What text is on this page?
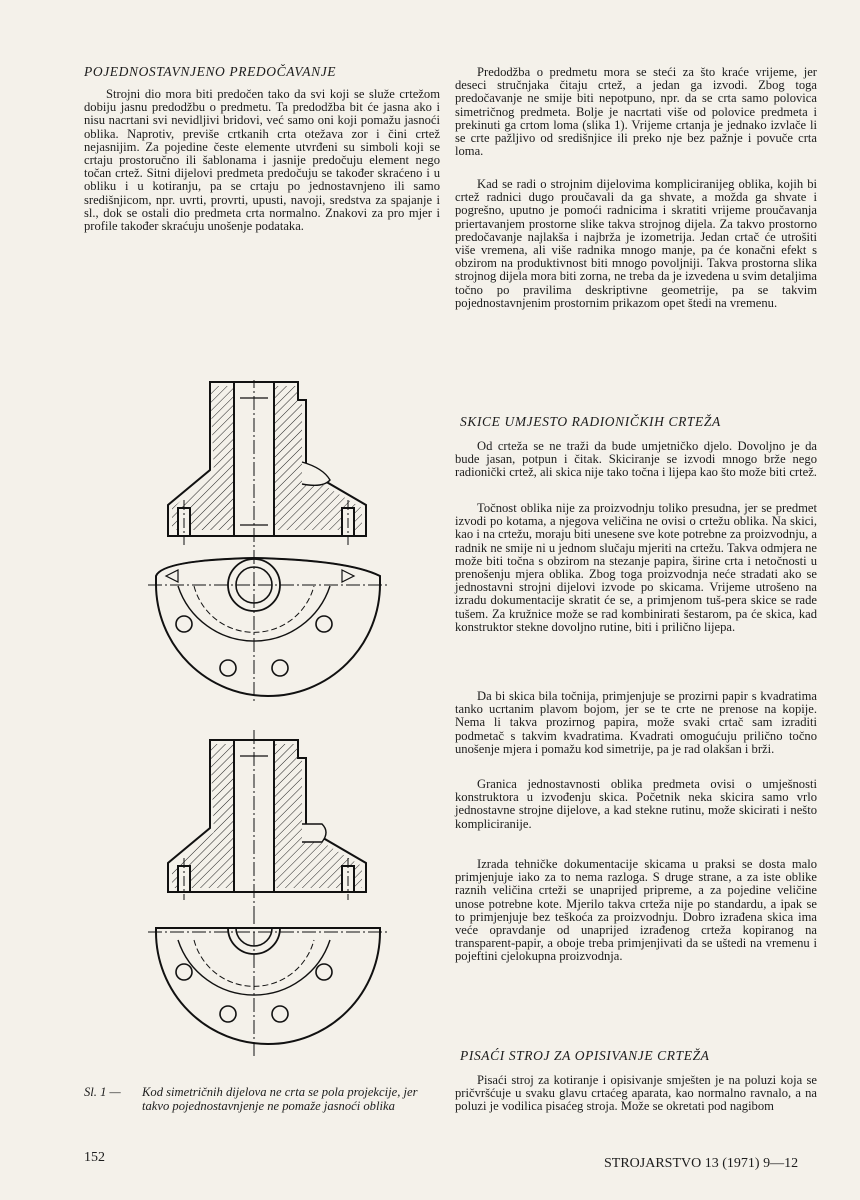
POJEDNOSTAVNJENO PREDOČAVANJE

Strojni dio mora biti predočen tako da svi koji se služe crtežom dobiju jasnu predodžbu o predmetu. Ta predodžba bit će jasna ako i nisu nacrtani svi nevidljivi bridovi, već samo oni koji pomažu jasnoći oblika. Naprotiv, previše crtkanih crta otežava zor i čini crtež nejasnijim. Za pojedine česte elemente utvrđeni su simboli koji se crtaju prostoručno ili šablonama i jasnije predočuju element nego točan crtež. Sitni dijelovi predmeta predočuju se također skraćeno i u obliku i u kotiranju, pa se crtaju po jednostavnjeno ili samo središnjicom, npr. uvrti, provrti, upusti, navoji, sredstva za spajanje i sl., dok se ostali dio predmeta crta normalno. Znakovi za pro mjer i profile također skraćuju unošenje podataka.

Sl. 1 —	Kod simetričnih dijelova ne crta se pola projekcije, jer takvo pojednostavnjenje ne pomaže jasnoći oblika

Predodžba o predmetu mora se steći za što kraće vrijeme, jer deseci stručnjaka čitaju crtež, a jedan ga izvodi. Zbog toga predočavanje ne smije biti nepotpuno, npr. da se crta samo polovica simetričnog predmeta. Bolje je nacrtati više od polovice predmeta i prekinuti ga crtom loma (slika 1). Vrijeme crtanja je jednako izvlače li se crte pažljivo od središnjice ili preko nje bez pažnje i povuče crta loma.

Kad se radi o strojnim dijelovima kompliciranijeg oblika, kojih bi crtež radnici dugo proučavali da ga shvate, a možda ga shvate i pogrešno, uputno je pomoći radnicima i skratiti vrijeme proučavanja priertavanjem prostorne slike takva strojnog dijela. Za takvo prostorno predočavanje najlakša i najbrža je izometrija. Jedan crtač će utrošiti više vremena, ali više radnika mnogo manje, pa će konačni efekt s obzirom na produktivnost biti mnogo povoljniji. Takva prostorna slika strojnog dijela mora biti zorna, ne treba da je izvedena u svim detaljima točno po pravilima deskriptivne geometrije, pa se takvim pojednostavnjenim prostornim prikazom opet štedi na vremenu.

SKICE UMJESTO RADIONIČKIH CRTEŽA

Od crteža se ne traži da bude umjetničko djelo. Dovoljno je da bude jasan, potpun i čitak. Skiciranje se izvodi mnogo brže nego radionički crtež, ali skica nije tako točna i lijepa kao što može biti crtež.

Točnost oblika nije za proizvodnju toliko presudna, jer se predmet izvodi po kotama, a njegova veličina ne ovisi o crtežu oblika. Na skici, kao i na crtežu, moraju biti unesene sve kote potrebne za proizvodnju, a radnik ne smije ni u jednom slučaju mjeriti na crtežu. Takva odmjera ne može biti točna s obzirom na stezanje papira, širine crta i netočnosti u prenošenju mjera oblika. Zbog toga proizvodnja neće stradati ako se jednostavni strojni dijelovi izvode po skicama. Vrijeme utrošeno na izradu dokumentacije skratit će se, a primjenom tuš-pera skice se rade tušem. Za kružnice može se rad kombinirati šestarom, pa će skica, kad konstruktor stekne dovoljno rutine, biti i prilično lijepa.

Da bi skica bila točnija, primjenjuje se prozirni papir s kvadratima tanko ucrtanim plavom bojom, jer se te crte ne prenose na kopije. Nema li takva prozirnog papira, može svaki crtač sam izraditi podmetač s takvim kvadratima. Kvadrati omogućuju prilično točno unošenje mjera i pomažu kod simetrije, pa je rad olakšan i brži.

Granica jednostavnosti oblika predmeta ovisi o umješnosti konstruktora u izvođenju skica. Početnik neka skicira samo vrlo jednostavne strojne dijelove, a kad stekne rutinu, može skicirati i nešto kompliciranije.

Izrada tehničke dokumentacije skicama u praksi se dosta malo primjenjuje iako za to nema razloga. S druge strane, a za iste oblike raznih veličina crteži se unaprijed pripreme, a za pojedine veličine unose potrebne kote. Mjerilo takva crteža nije po standardu, a ipak se to primjenjuje bez teškoća za proizvodnju. Dobro izrađena skica ima veće opravdanje od unaprijed izrađenog crteža kopiranog na transparent-papir, a oboje treba primjenjivati da se uštedi na vremenu i pojeftini cjelokupna proizvodnja.

PISAĆI STROJ ZA OPISIVANJE CRTEŽA

Pisaći stroj za kotiranje i opisivanje smješten je na poluzi koja se pričvršćuje u svaku glavu crtaćeg aparata, kao normalno ravnalo, a na poluzi je vodilica pisaćeg stroja. Može se okretati pod nagibom

152	STROJARSTVO 13 (1971) 9—12
